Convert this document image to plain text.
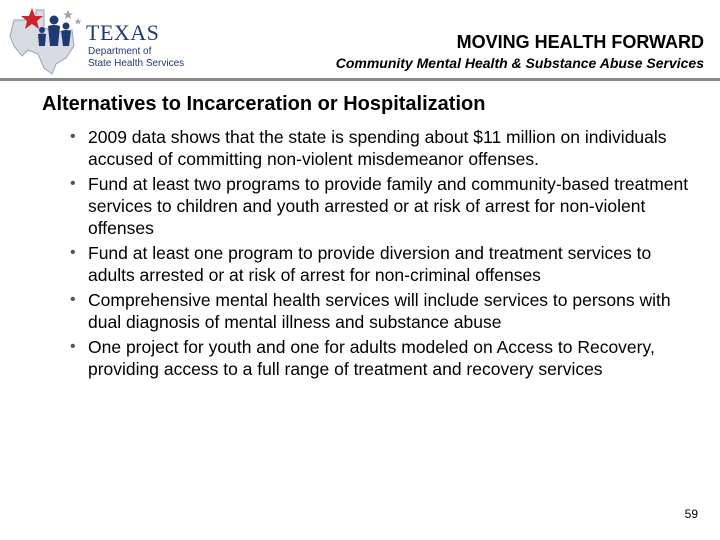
TEXAS
Department of
State Health Services
MOVING HEALTH FORWARD
Community Mental Health & Substance Abuse Services
Alternatives to Incarceration or Hospitalization
• 2009 data shows that the state is spending about $11 million on individuals accused of committing non-violent misdemeanor offenses.
• Fund at least two programs to provide family and community-based treatment services to children and youth arrested or at risk of arrest for non-violent offenses
• Fund at least one program to provide diversion and treatment services to adults arrested or at risk of arrest for non-criminal offenses
• Comprehensive mental health services will include services to persons with dual diagnosis of mental illness and substance abuse
• One project for youth and one for adults modeled on Access to Recovery, providing access to a full range of treatment and recovery services
59
